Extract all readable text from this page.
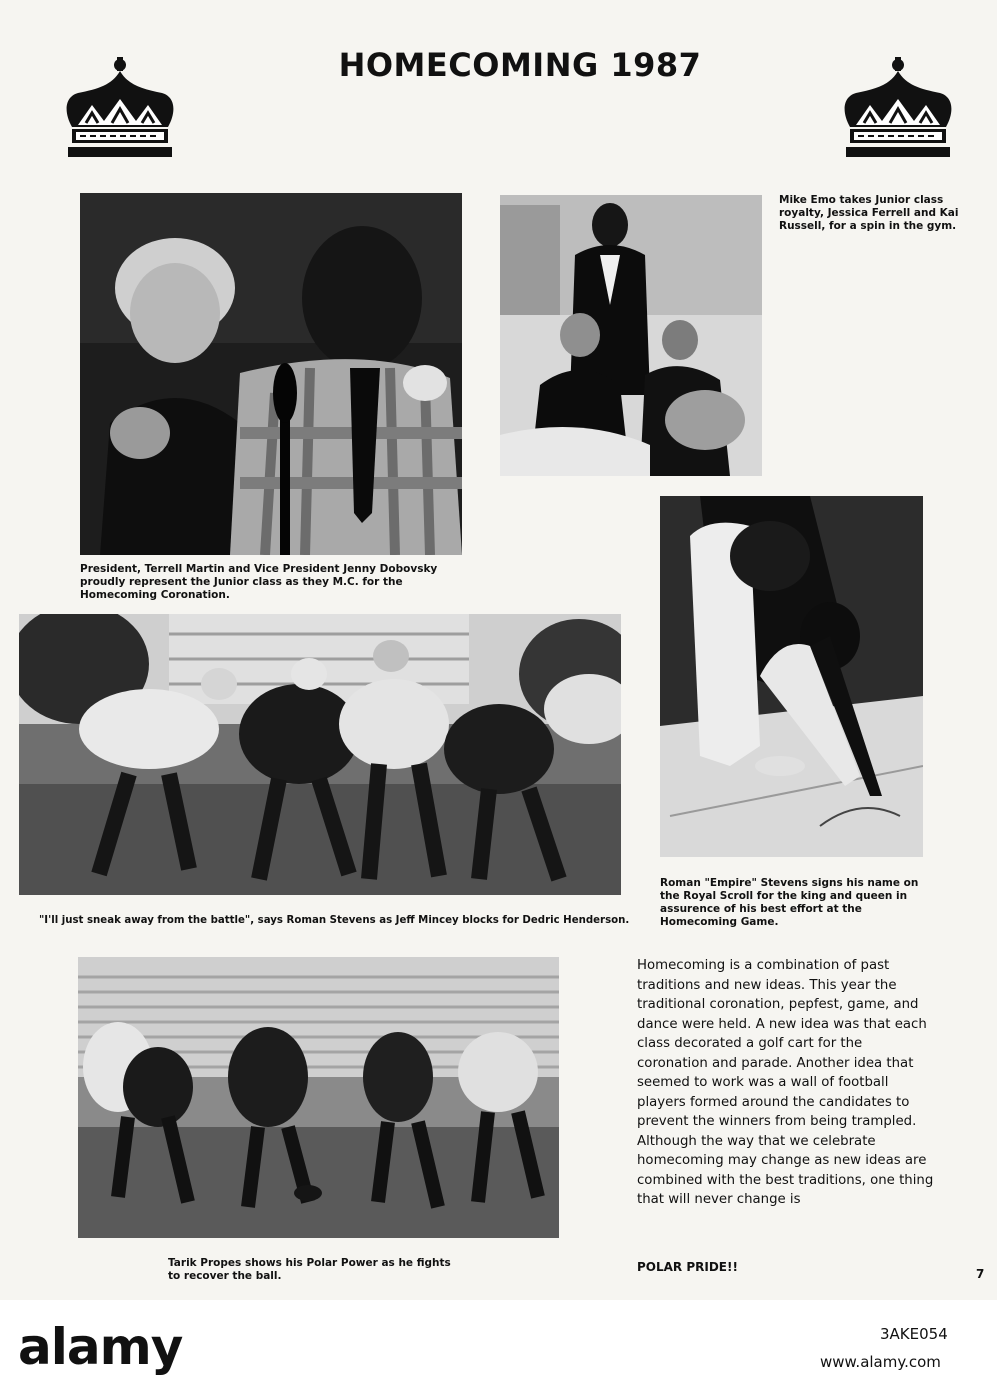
HOMECOMING 1987
President, Terrell Martin and Vice President Jenny Dobovsky proudly represent the Junior class as they M.C. for the Homecoming Coronation.
Mike Emo takes Junior class royalty, Jessica Ferrell and Kai Russell, for a spin in the gym.
"I'll just sneak away from the battle", says Roman Stevens as Jeff Mincey blocks for Dedric Henderson.
Roman "Empire" Stevens signs his name on the Royal Scroll for the king and queen in assurence of his best effort at the Homecoming Game.
Tarik Propes shows his Polar Power as he fights to recover the ball.
Homecoming is a combination of past traditions and new ideas. This year the traditional coronation, pepfest, game, and dance were held. A new idea was that each class decorated a golf cart for the coronation and parade. Another idea that seemed to work was a wall of football players formed around the candidates to prevent the winners from being trampled. Although the way that we celebrate homecoming may change as new ideas are combined with the best traditions, one thing that will never change is
POLAR PRIDE!!	7
alamy	3AKE054
www.alamy.com
